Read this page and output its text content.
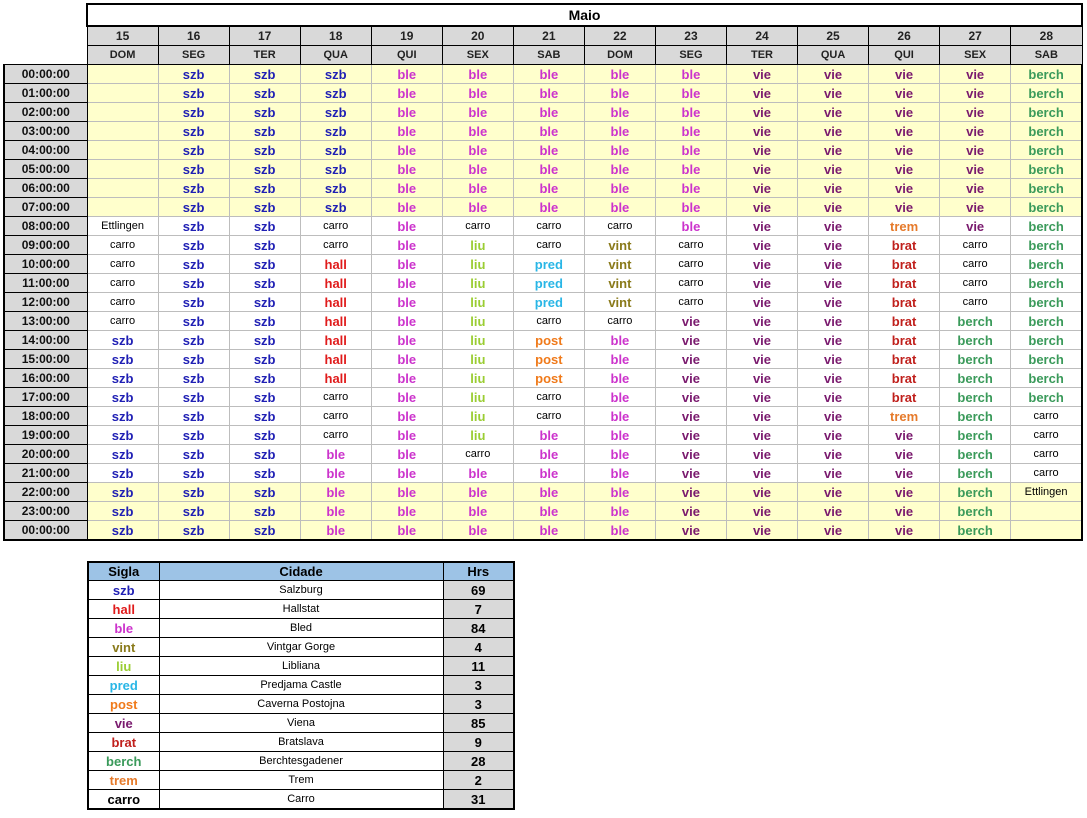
	Maio													
	15	16	17	18	19	20	21	22	23	24	25	26	27	28
	DOM	SEG	TER	QUA	QUI	SEX	SAB	DOM	SEG	TER	QUA	QUI	SEX	SAB
00:00:00		szb	szb	szb	ble	ble	ble	ble	ble	vie	vie	vie	vie	berch
01:00:00		szb	szb	szb	ble	ble	ble	ble	ble	vie	vie	vie	vie	berch
02:00:00		szb	szb	szb	ble	ble	ble	ble	ble	vie	vie	vie	vie	berch
03:00:00		szb	szb	szb	ble	ble	ble	ble	ble	vie	vie	vie	vie	berch
04:00:00		szb	szb	szb	ble	ble	ble	ble	ble	vie	vie	vie	vie	berch
05:00:00		szb	szb	szb	ble	ble	ble	ble	ble	vie	vie	vie	vie	berch
06:00:00		szb	szb	szb	ble	ble	ble	ble	ble	vie	vie	vie	vie	berch
07:00:00		szb	szb	szb	ble	ble	ble	ble	ble	vie	vie	vie	vie	berch
08:00:00	Ettlingen	szb	szb	carro	ble	carro	carro	carro	ble	vie	vie	trem	vie	berch
09:00:00	carro	szb	szb	carro	ble	liu	carro	vint	carro	vie	vie	brat	carro	berch
10:00:00	carro	szb	szb	hall	ble	liu	pred	vint	carro	vie	vie	brat	carro	berch
11:00:00	carro	szb	szb	hall	ble	liu	pred	vint	carro	vie	vie	brat	carro	berch
12:00:00	carro	szb	szb	hall	ble	liu	pred	vint	carro	vie	vie	brat	carro	berch
13:00:00	carro	szb	szb	hall	ble	liu	carro	carro	vie	vie	vie	brat	berch	berch
14:00:00	szb	szb	szb	hall	ble	liu	post	ble	vie	vie	vie	brat	berch	berch
15:00:00	szb	szb	szb	hall	ble	liu	post	ble	vie	vie	vie	brat	berch	berch
16:00:00	szb	szb	szb	hall	ble	liu	post	ble	vie	vie	vie	brat	berch	berch
17:00:00	szb	szb	szb	carro	ble	liu	carro	ble	vie	vie	vie	brat	berch	berch
18:00:00	szb	szb	szb	carro	ble	liu	carro	ble	vie	vie	vie	trem	berch	carro
19:00:00	szb	szb	szb	carro	ble	liu	ble	ble	vie	vie	vie	vie	berch	carro
20:00:00	szb	szb	szb	ble	ble	carro	ble	ble	vie	vie	vie	vie	berch	carro
21:00:00	szb	szb	szb	ble	ble	ble	ble	ble	vie	vie	vie	vie	berch	carro
22:00:00	szb	szb	szb	ble	ble	ble	ble	ble	vie	vie	vie	vie	berch	Ettlingen
23:00:00	szb	szb	szb	ble	ble	ble	ble	ble	vie	vie	vie	vie	berch	
00:00:00	szb	szb	szb	ble	ble	ble	ble	ble	vie	vie	vie	vie	berch	
Sigla	Cidade	Hrs
szb	Salzburg	69
hall	Hallstat	7
ble	Bled	84
vint	Vintgar Gorge	4
liu	Libliana	11
pred	Predjama Castle	3
post	Caverna Postojna	3
vie	Viena	85
brat	Bratslava	9
berch	Berchtesgadener	28
trem	Trem	2
carro	Carro	31
